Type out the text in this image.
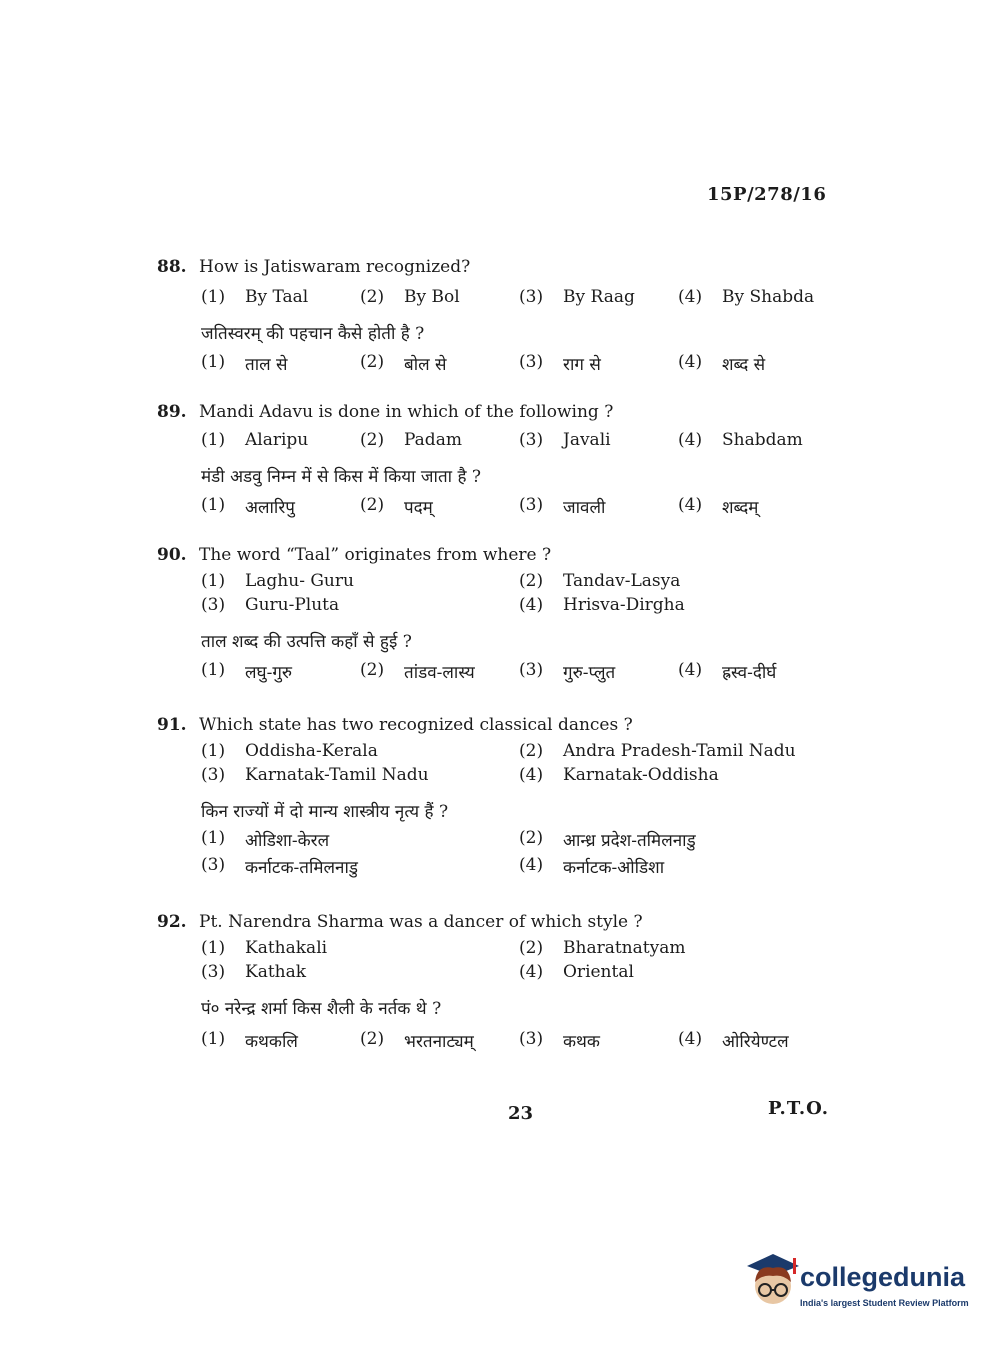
15P/278/16
88. How is Jatiswaram recognized?
(1)	By Taal	(2)	By Bol	(3)	By Raag	(4)	By Shabda
जतिस्वरम् की पहचान कैसे होती है ?
(1)	ताल से	(2)	बोल से	(3)	राग से	(4)	शब्द से
89. Mandi Adavu is done in which of the following ?
(1)	Alaripu	(2)	Padam	(3)	Javali	(4)	Shabdam
मंडी अडवु निम्न में से किस में किया जाता है ?
(1)	अलारिपु	(2)	पदम्	(3)	जावली	(4)	शब्दम्
90. The word “Taal” originates from where ?
(1)	Laghu- Guru	(2)	Tandav-Lasya
(3)	Guru-Pluta	(4)	Hrisva-Dirgha
ताल शब्द की उत्पत्ति कहाँ से हुई ?
(1)	लघु-गुरु	(2)	तांडव-लास्य	(3)	गुरु-प्लुत	(4)	ह्रस्व-दीर्घ
91. Which state has two recognized classical dances ?
(1)	Oddisha-Kerala	(2)	Andra Pradesh-Tamil Nadu
(3)	Karnatak-Tamil Nadu	(4)	Karnatak-Oddisha
किन राज्यों में दो मान्य शास्त्रीय नृत्य हैं ?
(1)	ओडिशा-केरल	(2)	आन्ध्र प्रदेश-तमिलनाडु
(3)	कर्नाटक-तमिलनाडु	(4)	कर्नाटक-ओडिशा
92. Pt. Narendra Sharma was a dancer of which style ?
(1)	Kathakali	(2)	Bharatnatyam
(3)	Kathak	(4)	Oriental
पं० नरेन्द्र शर्मा किस शैली के नर्तक थे ?
(1)	कथकलि	(2)	भरतनाट्यम्	(3)	कथक	(4)	ओरियेण्टल
23	P.T.O.
collegedunia
India's largest Student Review Platform
